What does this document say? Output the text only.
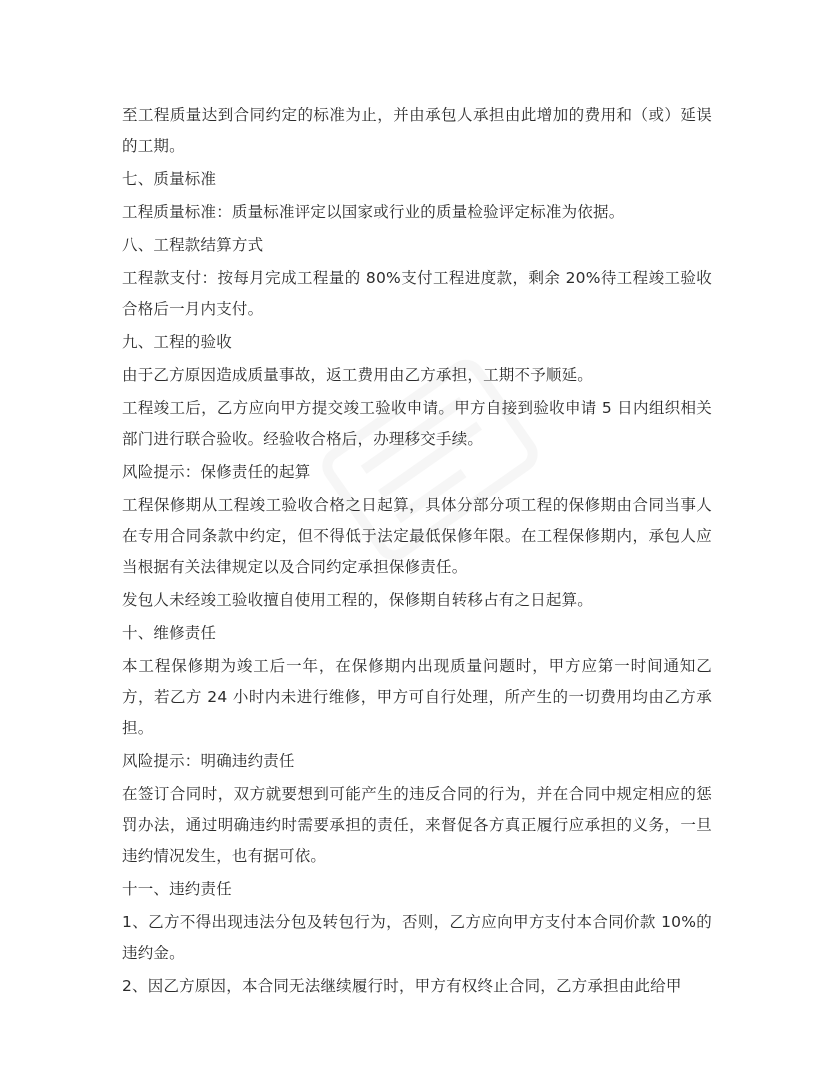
至工程质量达到合同约定的标准为止，并由承包人承担由此增加的费用和（或）延误的工期。

七、质量标准

工程质量标准：质量标准评定以国家或行业的质量检验评定标准为依据。

八、工程款结算方式

工程款支付：按每月完成工程量的 80%支付工程进度款，剩余 20%待工程竣工验收合格后一月内支付。

九、工程的验收

由于乙方原因造成质量事故，返工费用由乙方承担，工期不予顺延。

工程竣工后，乙方应向甲方提交竣工验收申请。甲方自接到验收申请 5 日内组织相关部门进行联合验收。经验收合格后，办理移交手续。

风险提示：保修责任的起算

工程保修期从工程竣工验收合格之日起算，具体分部分项工程的保修期由合同当事人在专用合同条款中约定，但不得低于法定最低保修年限。在工程保修期内，承包人应当根据有关法律规定以及合同约定承担保修责任。

发包人未经竣工验收擅自使用工程的，保修期自转移占有之日起算。

十、维修责任

本工程保修期为竣工后一年，在保修期内出现质量问题时，甲方应第一时间通知乙方，若乙方 24 小时内未进行维修，甲方可自行处理，所产生的一切费用均由乙方承担。

风险提示：明确违约责任

在签订合同时，双方就要想到可能产生的违反合同的行为，并在合同中规定相应的惩罚办法，通过明确违约时需要承担的责任，来督促各方真正履行应承担的义务，一旦违约情况发生，也有据可依。

十一、违约责任

1、乙方不得出现违法分包及转包行为，否则，乙方应向甲方支付本合同价款 10%的违约金。

2、因乙方原因，本合同无法继续履行时，甲方有权终止合同，乙方承担由此给甲
